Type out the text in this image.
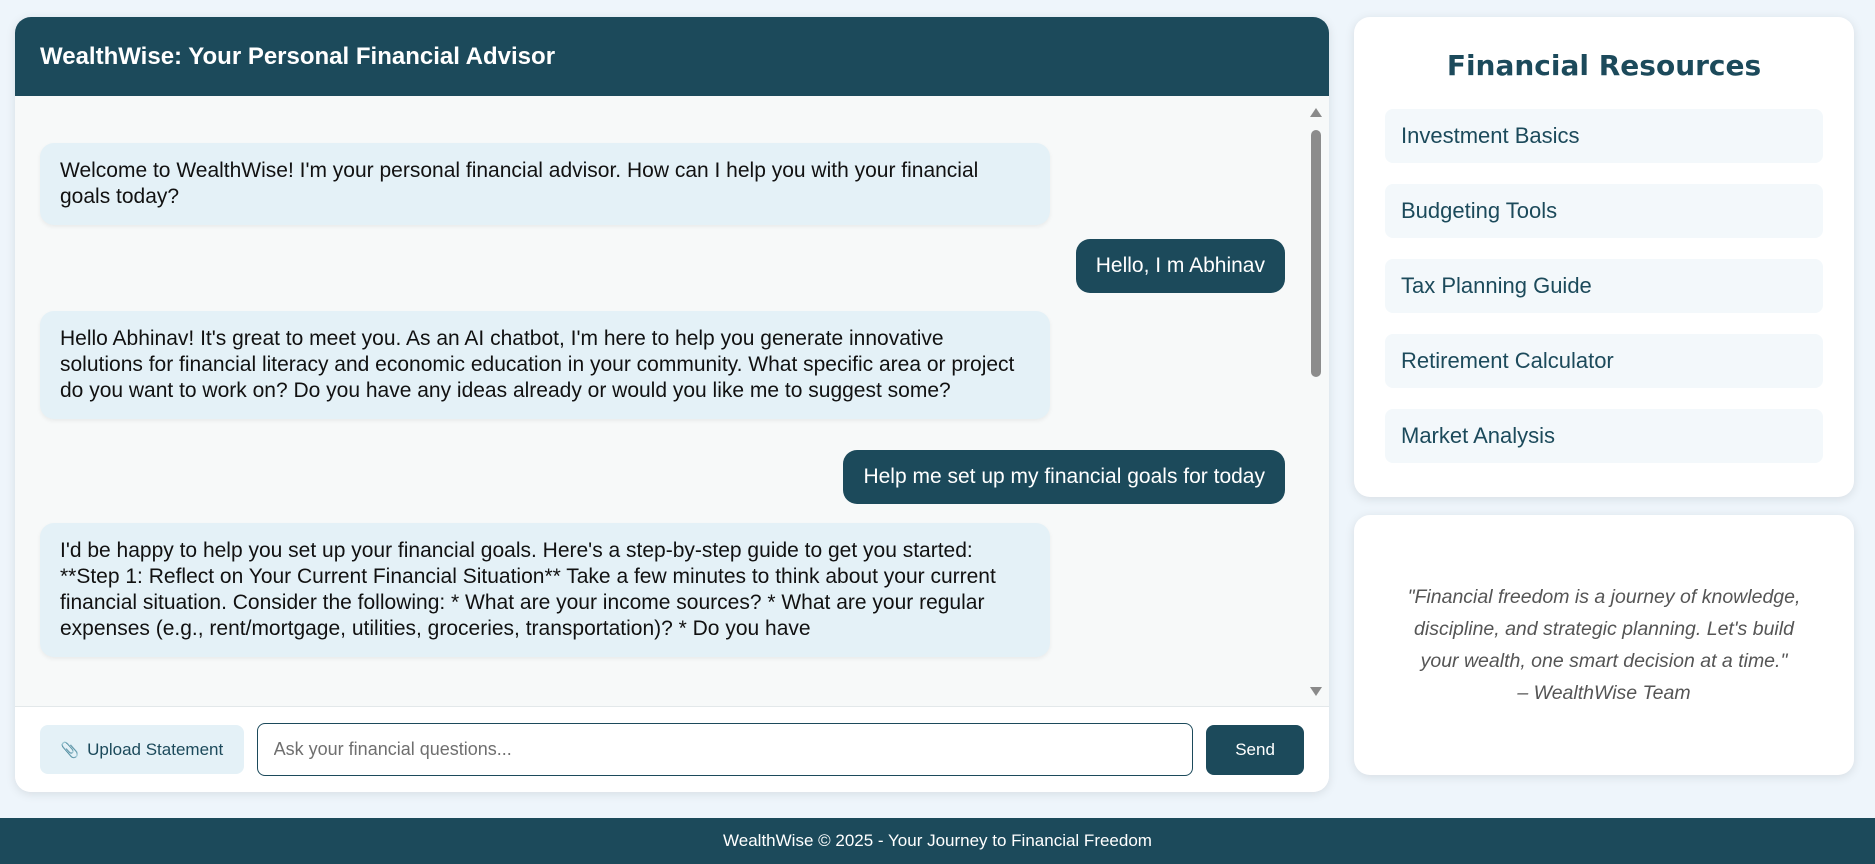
WealthWise: Your Personal Financial Advisor
Welcome to WealthWise! I'm your personal financial advisor. How can I help you with your financial goals today?
Hello, I m Abhinav
Hello Abhinav! It's great to meet you. As an AI chatbot, I'm here to help you generate innovative solutions for financial literacy and economic education in your community. What specific area or project do you want to work on? Do you have any ideas already or would you like me to suggest some?
Help me set up my financial goals for today
I'd be happy to help you set up your financial goals. Here's a step-by-step guide to get you started: **Step 1: Reflect on Your Current Financial Situation** Take a few minutes to think about your current financial situation. Consider the following: * What are your income sources? * What are your regular expenses (e.g., rent/mortgage, utilities, groceries, transportation)? * Do you have
📎 Upload Statement
Ask your financial questions...	Send
Financial Resources
Investment Basics
Budgeting Tools
Tax Planning Guide
Retirement Calculator
Market Analysis
"Financial freedom is a journey of knowledge, discipline, and strategic planning. Let's build your wealth, one smart decision at a time."
– WealthWise Team
WealthWise © 2025 - Your Journey to Financial Freedom
